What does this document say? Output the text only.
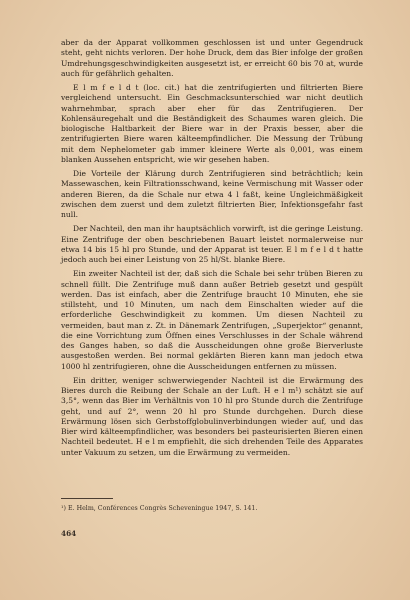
aber da der Apparat vollkommen geschlossen ist und unter Gegendruck steht, geht nichts verloren. Der hohe Druck, dem das Bier infolge der großen Umdrehungsgeschwindigkeiten ausgesetzt ist, er erreicht 60 bis 70 at, wurde auch für gefährlich gehalten.

E l m f e l d t (loc. cit.) hat die zentrifugierten und filtrierten Biere vergleichend untersucht. Ein Geschmacksunterschied war nicht deutlich wahrnehmbar, sprach aber eher für das Zentrifugieren. Der Kohlensäuregehalt und die Beständigkeit des Schaumes waren gleich. Die biologische Haltbarkeit der Biere war in der Praxis besser, aber die zentrifugierten Biere waren kälteempfindlicher. Die Messung der Trübung mit dem Nephelometer gab immer kleinere Werte als 0,001, was einem blanken Aussehen entspricht, wie wir gesehen haben.

Die Vorteile der Klärung durch Zentrifugieren sind beträchtlich; kein Massewaschen, kein Filtrationsschwand, keine Vermischung mit Wasser oder anderen Bieren, da die Schale nur etwa 4 l faßt, keine Ungleichmäßigkeit zwischen dem zuerst und dem zuletzt filtrierten Bier, Infektionsgefahr fast null.

Der Nachteil, den man ihr hauptsächlich vorwirft, ist die geringe Leistung. Eine Zentrifuge der oben beschriebenen Bauart leistet normalerweise nur etwa 14 bis 15 hl pro Stunde, und der Apparat ist teuer. E l m f e l d t hatte jedoch auch bei einer Leistung von 25 hl/St. blanke Biere.

Ein zweiter Nachteil ist der, daß sich die Schale bei sehr trüben Bieren zu schnell füllt. Die Zentrifuge muß dann außer Betrieb gesetzt und gespült werden. Das ist einfach, aber die Zentrifuge braucht 10 Minuten, ehe sie stillsteht, und 10 Minuten, um nach dem Einschalten wieder auf die erforderliche Geschwindigkeit zu kommen. Um diesen Nachteil zu vermeiden, baut man z. Zt. in Dänemark Zentrifugen, „Superjektor“ genannt, die eine Vorrichtung zum Öffnen eines Verschlusses in der Schale während des Ganges haben, so daß die Ausscheidungen ohne große Bierverluste ausgestoßen werden. Bei normal geklärten Bieren kann man jedoch etwa 1000 hl zentrifugieren, ohne die Ausscheidungen entfernen zu müssen.

Ein dritter, weniger schwerwiegender Nachteil ist die Erwärmung des Bieres durch die Reibung der Schale an der Luft. H e l m¹) schätzt sie auf 3,5°, wenn das Bier im Verhältnis von 10 hl pro Stunde durch die Zentrifuge geht, und auf 2°, wenn 20 hl pro Stunde durchgehen. Durch diese Erwärmung lösen sich Gerbstoffglobulinverbindungen wieder auf, und das Bier wird kälteempfindlicher, was besonders bei pasteurisierten Bieren einen Nachteil bedeutet. H e l m empfiehlt, die sich drehenden Teile des Apparates unter Vakuum zu setzen, um die Erwärmung zu vermeiden.

¹) E. Helm, Conférences Congrès Scheveningue 1947, S. 141.
464
